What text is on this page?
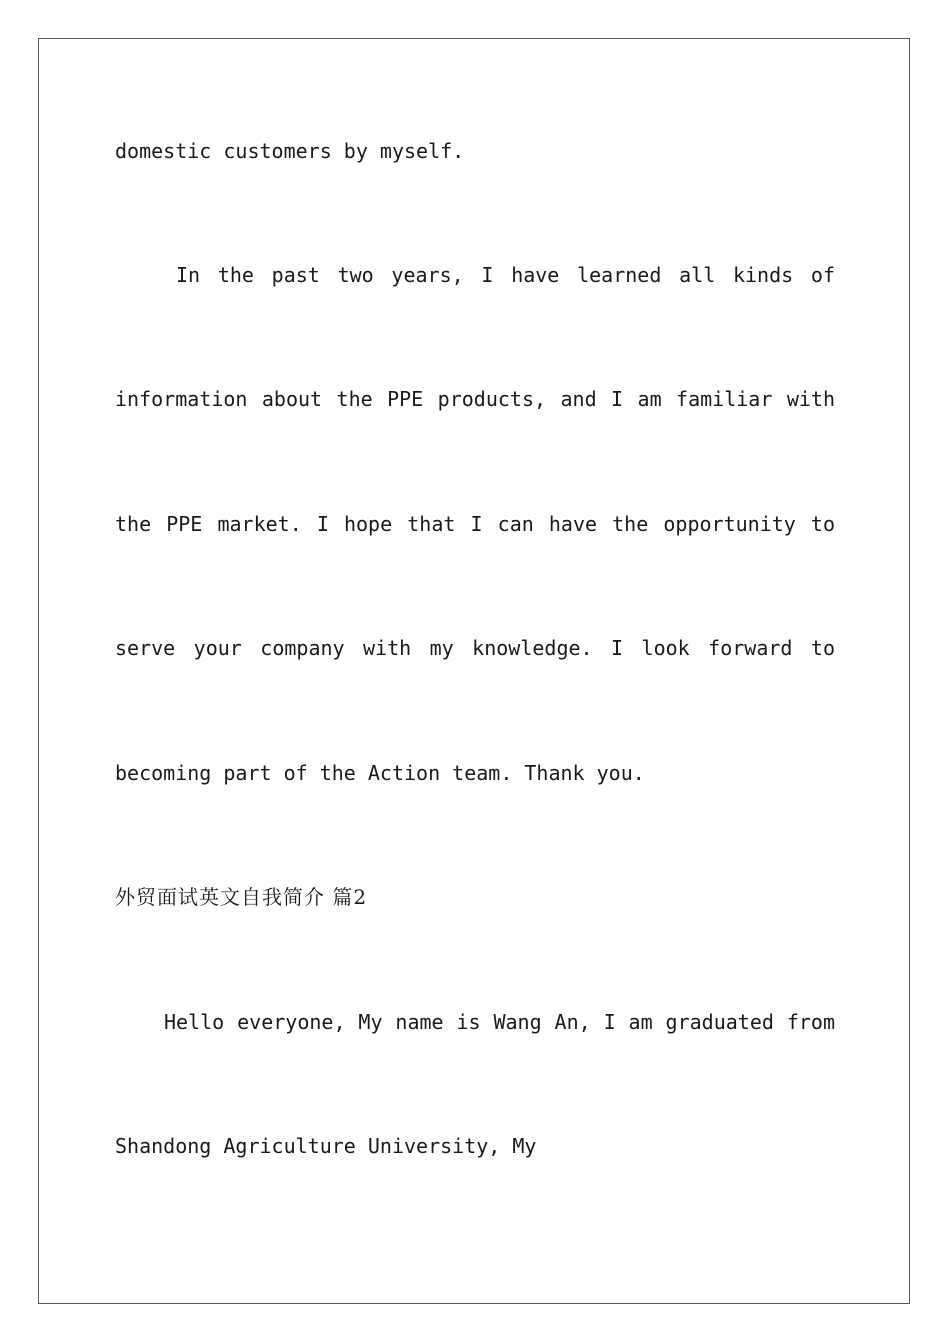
domestic customers by myself.
In the past two years, I have learned all kinds of
information about the PPE products, and I am familiar with
the PPE market. I hope that I can have the opportunity to
serve your company with my knowledge. I look forward to
becoming part of the Action team. Thank you.
外贸面试英文自我简介 篇2
Hello everyone, My name is Wang An, I am graduated from
Shandong Agriculture University, My
